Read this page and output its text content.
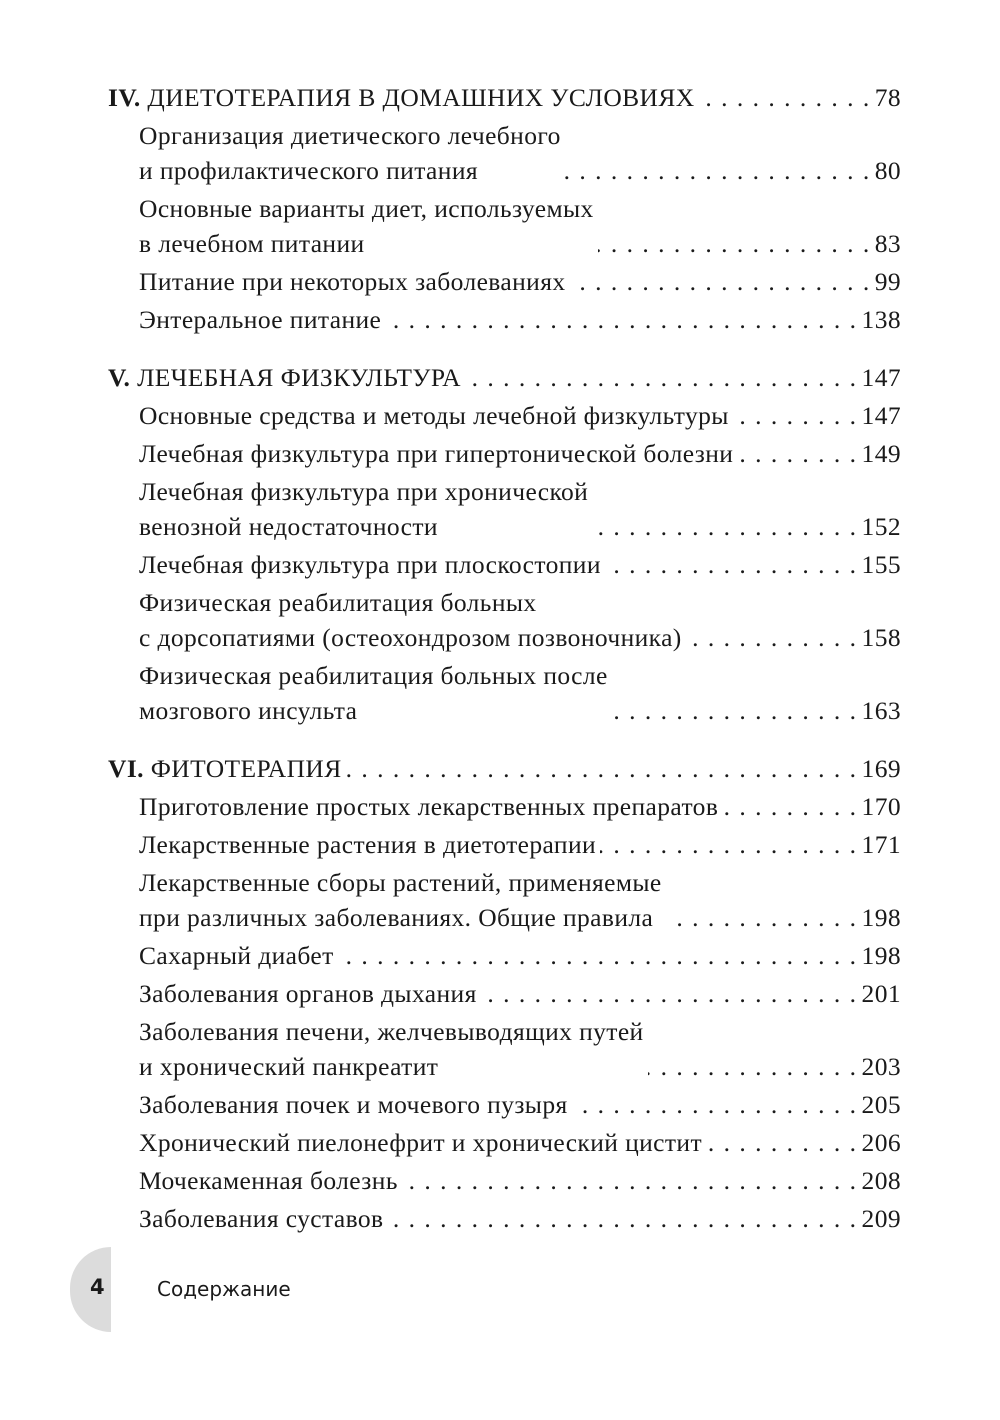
IV. ДИЕТОТЕРАПИЯ В ДОМАШНИХ УСЛОВИЯХ . . .	78
Организация диетического лечебного
и профилактического питания . . .	80
Основные варианты диет, используемых
в лечебном питании . . .	83
Питание при некоторых заболеваниях . . .	99
Энтеральное питание . . .	138
V. ЛЕЧЕБНАЯ ФИЗКУЛЬТУРА . . .	147
Основные средства и методы лечебной физкультуры . . .	147
Лечебная физкультура при гипертонической болезни . . .	149
Лечебная физкультура при хронической
венозной недостаточности . . .	152
Лечебная физкультура при плоскостопии . . .	155
Физическая реабилитация больных
с дорсопатиями (остеохондрозом позвоночника) . . .	158
Физическая реабилитация больных после
мозгового инсульта . . .	163
VI. ФИТОТЕРАПИЯ . . .	169
Приготовление простых лекарственных препаратов . . .	170
Лекарственные растения в диетотерапии . . .	171
Лекарственные сборы растений, применяемые
при различных заболеваниях. Общие правила . . .	198
Сахарный диабет . . .	198
Заболевания органов дыхания . . .	201
Заболевания печени, желчевыводящих путей
и хронический панкреатит . . .	203
Заболевания почек и мочевого пузыря . . .	205
Хронический пиелонефрит и хронический цистит . . .	206
Мочекаменная болезнь . . .	208
Заболевания суставов . . .	209
4	Содержание
